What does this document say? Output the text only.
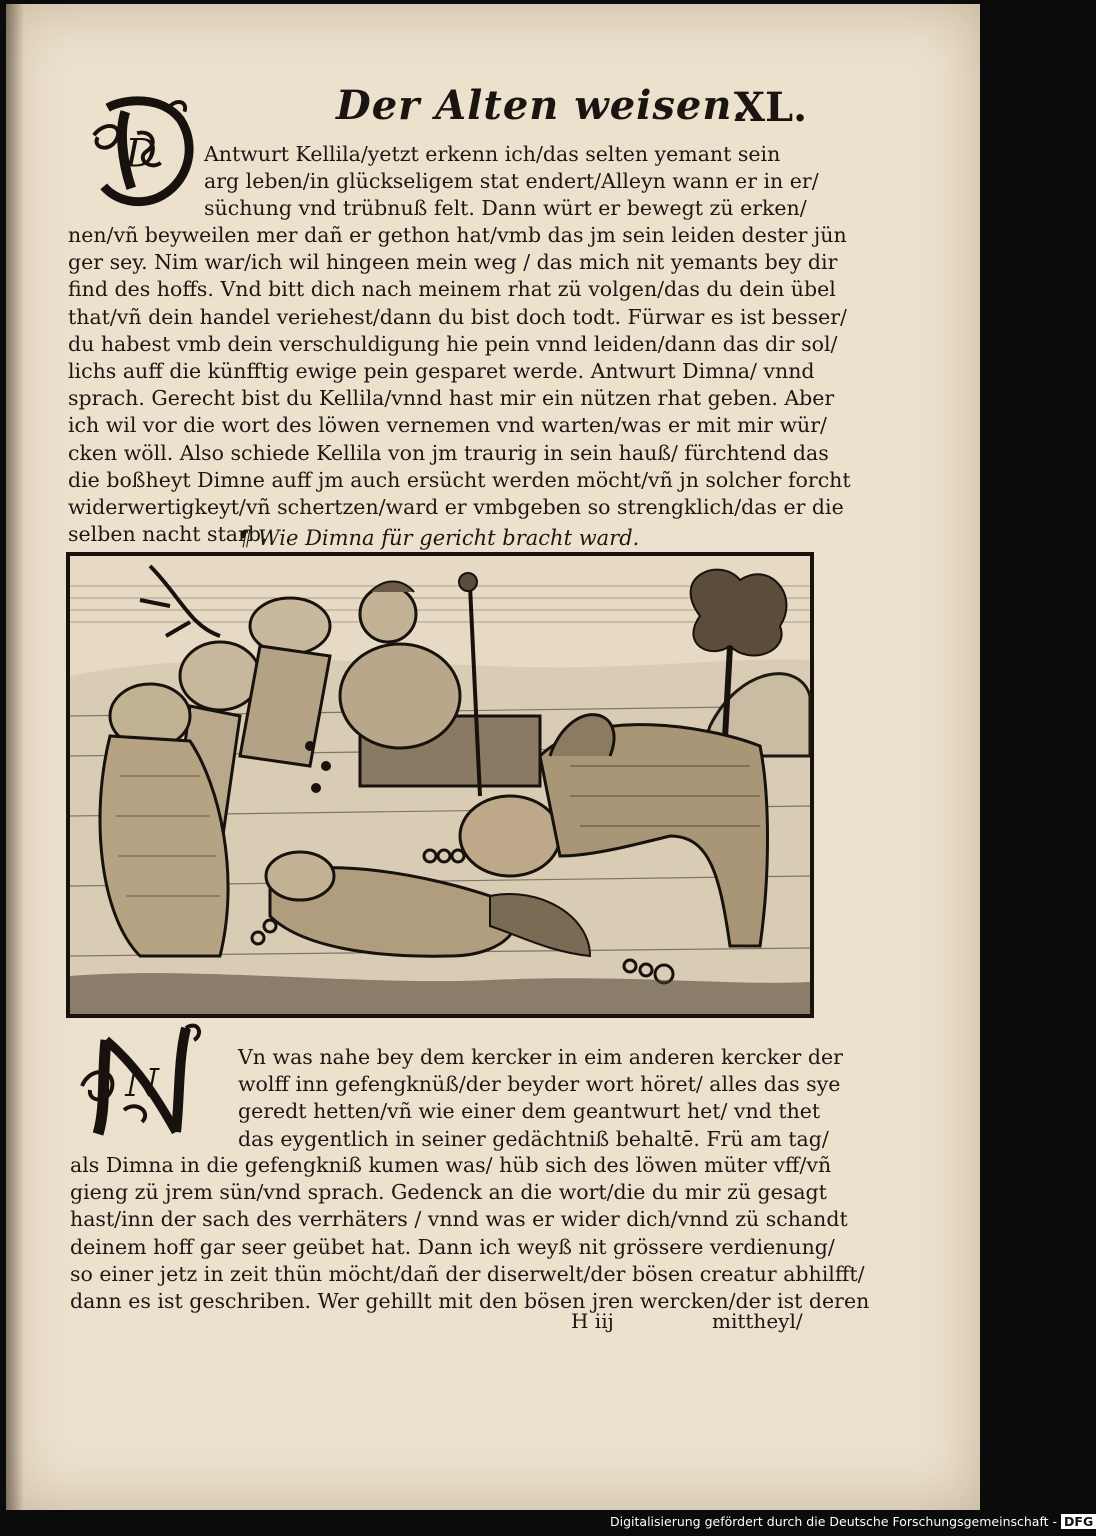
Der Alten weisen.
XL.
D Antwurt Kellila/yetzt erkenn ich/das selten yemant sein
arg leben/in glückseligem stat endert/Alleyn wann er in er/
süchung vnd trübnuß felt. Dann würt er bewegt zü erken/
nen/vñ beyweilen mer dañ er gethon hat/vmb das jm sein leiden dester jün
ger sey. Nim war/ich wil hingeen mein weg / das mich nit yemants bey dir
find des hoffs. Vnd bitt dich nach meinem rhat zü volgen/das du dein übel
that/vñ dein handel veriehest/dann du bist doch todt. Fürwar es ist besser/
du habest vmb dein verschuldigung hie pein vnnd leiden/dann das dir sol/
lichs auff die künfftig ewige pein gesparet werde. Antwurt Dimna/ vnnd
sprach. Gerecht bist du Kellila/vnnd hast mir ein nützen rhat geben. Aber
ich wil vor die wort des löwen vernemen vnd warten/was er mit mir wür/
cken wöll. Also schiede Kellila von jm traurig in sein hauß/ fürchtend das
die boßheyt Dimne auff jm auch ersücht werden möcht/vñ jn solcher forcht
widerwertigkeyt/vñ schertzen/ward er vmbgeben so strengklich/das er die
selben nacht starb.
¶ Wie Dimna für gericht bracht ward.
N
Vn was nahe bey dem kercker in eim anderen kercker der
wolff inn gefengknüß/der beyder wort höret/ alles das sye
geredt hetten/vñ wie einer dem geantwurt het/ vnd thet
das eygentlich in seiner gedächtniß behaltē. Frü am tag/
als Dimna in die gefengkniß kumen was/ hüb sich des löwen müter vff/vñ
gieng zü jrem sün/vnd sprach. Gedenck an die wort/die du mir zü gesagt
hast/inn der sach des verrhäters / vnnd was er wider dich/vnnd zü schandt
deinem hoff gar seer geübet hat. Dann ich weyß nit grössere verdienung/
so einer jetz in zeit thün möcht/dañ der diserwelt/der bösen creatur abhilfft/
dann es ist geschriben. Wer gehillt mit den bösen jren wercken/der ist deren
H iij	mittheyl/
Digitalisierung gefördert durch die Deutsche Forschungsgemeinschaft - DFG
